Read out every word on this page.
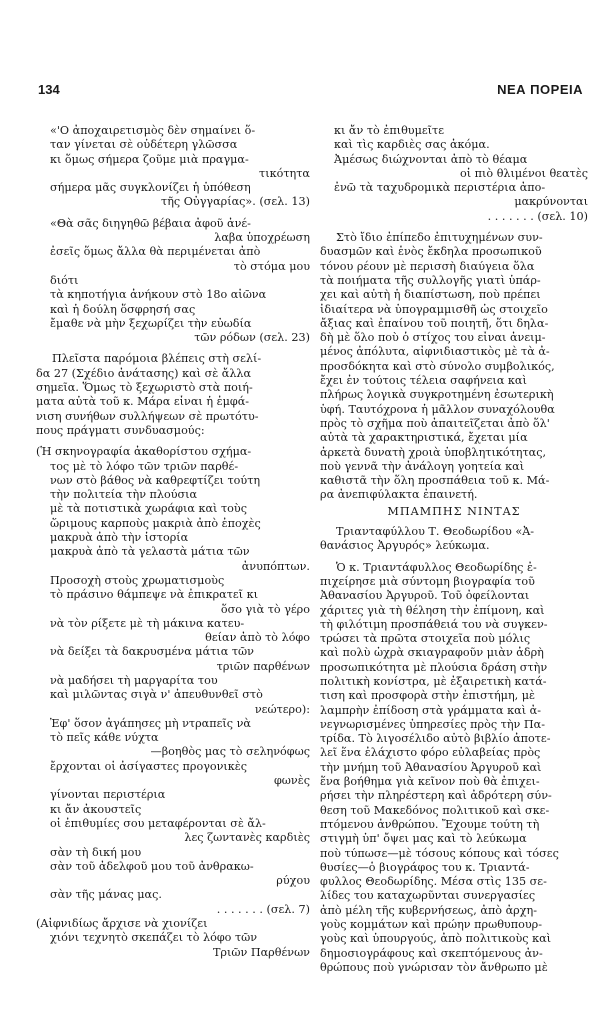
134	ΝΕΑ ΠΟΡΕΙΑ
«'Ο ἀποχαιρετισμὸς δὲν σημαίνει ὅ-
ταν γίνεται σὲ οὐδέτερη γλῶσσα
κι ὅμως σήμερα ζοῦμε μιὰ πραγμα-
τικότητα
σήμερα μᾶς συγκλονίζει ἡ ὑπόθεση
τῆς Οὐγγαρίας». (σελ. 13)
«Θὰ σᾶς διηγηθῶ βέβαια ἀφοῦ ἀνέ-
λαβα ὑποχρέωση
ἐσεῖς ὅμως ἄλλα θὰ περιμένεται ἀπὸ
τὸ στόμα μου
διότι
τὰ κηποτήγια ἀνήκουν στὸ 18ο αἰῶνα
καὶ ἡ δούλη ὅσφρησή σας
ἔμαθε νὰ μὴν ξεχωρίζει τὴν εὐωδία
τῶν ρόδων (σελ. 23)
Πλεῖστα παρόμοια βλέπεις στὴ σελί-
δα 27 (Σχέδιο ἀνάτασης) καὶ σὲ ἄλλα
σημεῖα. Ὅμως τὸ ξεχωριστὸ στὰ ποιή-
ματα αὐτὰ τοῦ κ. Μάρα εἶναι ἡ ἐμφά-
νιση συνήθων συλλήψεων σὲ πρωτότυ-
πους πράγματι συνδυασμούς:
(Ἡ σκηνογραφία ἀκαθορίστου σχήμα-
τος μὲ τὸ λόφο τῶν τριῶν παρθέ-
νων στὸ βάθος νὰ καθρεφτίζει τούτη
τὴν πολιτεία τὴν πλούσια
μὲ τὰ ποτιστικὰ χωράφια καὶ τοὺς
ὥριμους καρποὺς μακριὰ ἀπὸ ἐποχὲς
μακρυὰ ἀπὸ τὴν ἱστορία
μακρυὰ ἀπὸ τὰ γελαστὰ μάτια τῶν
ἀνυπόπτων.
Προσοχὴ στοὺς χρωματισμοὺς
τὸ πράσινο θάμπεψε νὰ ἐπικρατεῖ κι
ὅσο γιὰ τὸ γέρο
νὰ τὸν ρίξετε μὲ τὴ μάκινα κατευ-
θείαν ἀπὸ τὸ λόφο
νὰ δείξει τὰ δακρυσμένα μάτια τῶν
τριῶν παρθένων
νὰ μαδήσει τὴ μαργαρίτα του
καὶ μιλῶντας σιγὰ ν' ἀπευθυνθεῖ στὸ
νεώτερο):
Ἐφ' ὅσον ἀγάπησες μὴ ντραπεῖς νὰ
τὸ πεῖς κάθε νύχτα
—βοηθὸς μας τὸ σεληνόφως
ἔρχονται οἱ ἀσίγαστες προγονικὲς
φωνὲς
γίνονται περιστέρια
κι ἄν ἀκουστεῖς
οἱ ἐπιθυμίες σου μεταφέρονται σὲ ἄλ-
λες ζωντανὲς καρδιὲς
σὰν τὴ δική μου
σὰν τοῦ ἀδελφοῦ μου τοῦ ἀνθρακω-
ρύχου
σὰν τῆς μάνας μας.
. . . . . . . (σελ. 7)
(Αἰφνιδίως ἄρχισε νὰ χιονίζει
χιόνι τεχνητὸ σκεπάζει τὸ λόφο τῶν
Τριῶν Παρθένων
κι ἄν τὸ ἐπιθυμεῖτε
καὶ τὶς καρδιὲς σας ἀκόμα.
Ἀμέσως διώχνονται ἀπὸ τὸ θέαμα
οἱ πιὸ θλιμένοι θεατὲς
ἐνῶ τὰ ταχυδρομικὰ περιστέρια ἀπο-
μακρύνονται
. . . . . . . (σελ. 10)
Στὸ ἴδιο ἐπίπεδο ἐπιτυχημένων συν-
δυασμῶν καὶ ἑνὸς ἔκδηλα προσωπικοῦ
τόνου ρέουν μὲ περισσὴ διαύγεια ὅλα
τὰ ποιήματα τῆς συλλογῆς γιατὶ ὑπάρ-
χει καὶ αὐτὴ ἡ διαπίστωση, ποὺ πρέπει
ἰδιαίτερα νὰ ὑπογραμμισθῆ ὡς στοιχεῖο
ἄξιας καὶ ἐπαίνου τοῦ ποιητῆ, ὅτι δηλα-
δὴ μὲ ὅλο ποὺ ὁ στίχος του εἶναι ἀνειμ-
μένος ἀπόλυτα, αἰφνιδιαστικὸς μὲ τὰ ἀ-
προσδόκητα καὶ στὸ σύνολο συμβολικός,
ἔχει ἐν τούτοις τέλεια σαφήνεια καὶ
πλήρως λογικὰ συγκροτημένη ἐσωτερικὴ
ὑφή. Ταυτόχρονα ἡ μᾶλλον συναχόλουθα
πρὸς τὸ σχῆμα ποὺ ἀπαιτεῖζεται ἀπὸ ὅλ'
αὐτὰ τὰ χαρακτηριστικά, ἔχεται μία
ἀρκετὰ δυνατὴ χροιὰ ὑποβλητικότητας,
ποὺ γεννᾶ τὴν ἀνάλογη γοητεία καὶ
καθιστᾶ τὴν ὅλη προσπάθεια τοῦ κ. Μά-
ρα ἀνεπιφύλακτα ἐπαινετή.
ΜΠΑΜΠΗΣ ΝΙΝΤΑΣ
Τριανταφύλλου Τ. Θεοδωρίδου «Ἀ-
θανάσιος Ἀργυρός» λεύκωμα.
Ὁ κ. Τριαντάφυλλος Θεοδωρίδης ἐ-
πιχείρησε μιὰ σύντομη βιογραφία τοῦ
Ἀθανασίου Ἀργυροῦ. Τοῦ ὀφείλονται
χάριτες γιὰ τὴ θέληση τὴν ἐπίμονη, καὶ
τὴ φιλότιμη προσπάθειά του νὰ συγκεν-
τρώσει τὰ πρῶτα στοιχεῖα ποὺ μόλις
καὶ πολὺ ὠχρὰ σκιαγραφοῦν μιὰν ἀδρὴ
προσωπικότητα μὲ πλούσια δράση στὴν
πολιτικὴ κονίστρα, μὲ ἐξαιρετικὴ κατά-
τιση καὶ προσφορὰ στὴν ἐπιστήμη, μὲ
λαμπρὴν ἐπίδοση στὰ γράμματα καὶ ἀ-
νεγνωρισμένες ὑπηρεσίες πρὸς τὴν Πα-
τρίδα. Τὸ λιγοσέλιδο αὐτὸ βιβλίο ἀποτε-
λεῖ ἕνα ἐλάχιστο φόρο εὐλαβείας πρὸς
τὴν μνήμη τοῦ Ἀθανασίου Ἀργυροῦ καὶ
ἕνα βοήθημα γιὰ κεῖνον ποὺ θὰ ἐπιχει-
ρήσει τὴν πληρέστερη καὶ ἀδρότερη σύν-
θεση τοῦ Μακεδόνος πολιτικοῦ καὶ σκε-
πτόμενου ἀνθρώπου. Ἔχουμε τούτη τὴ
στιγμὴ ὑπ' ὄψει μας καὶ τὸ λεύκωμα
ποὺ τύπωσε—μὲ τόσους κόπους καὶ τόσες
θυσίες—ὁ βιογράφος του κ. Τριαντά-
φυλλος Θεοδωρίδης. Μέσα στὶς 135 σε-
λίδες του καταχωρῦνται συνεργασίες
ἀπὸ μέλη τῆς κυβερνήσεως, ἀπὸ ἀρχη-
γοὺς κομμάτων καὶ πρώην πρωθυπουρ-
γοὺς καὶ ὑπουργούς, ἀπὸ πολιτικοὺς καὶ
δημοσιογράφους καὶ σκεπτόμενους ἀν-
θρώπους ποὺ γνώρισαν τὸν ἄνθρωπο μὲ
